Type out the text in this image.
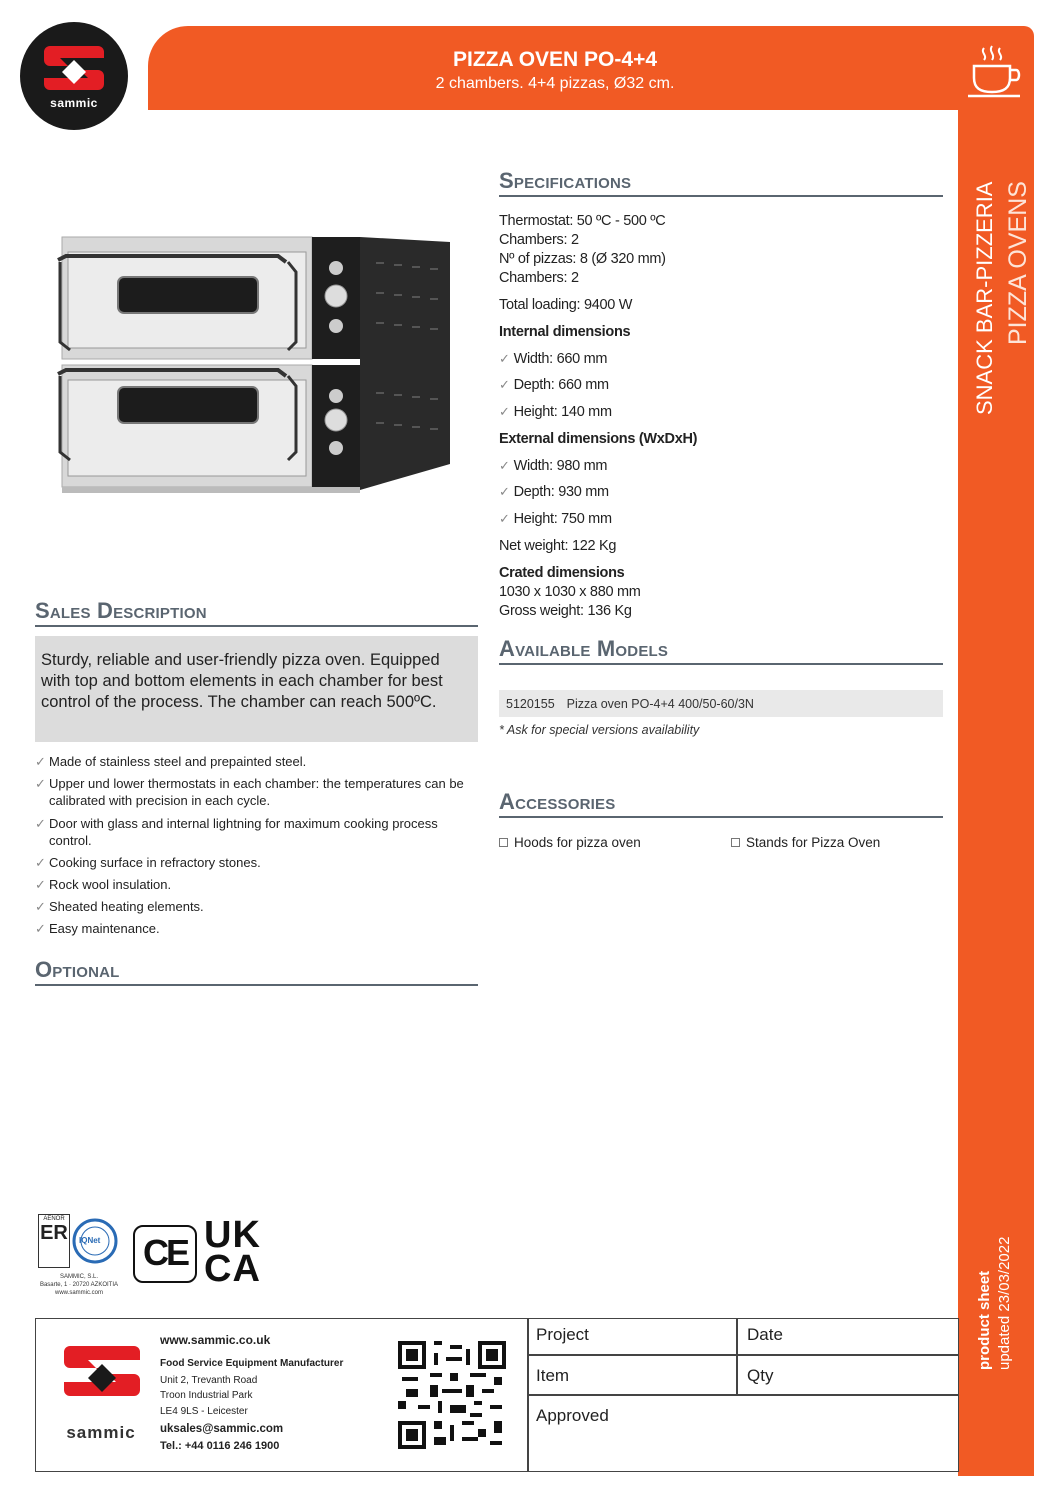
sammic
PIZZA OVEN PO-4+4
2 chambers. 4+4 pizzas, Ø32 cm.
SNACK BAR-PIZZERIA PIZZA OVENS
product sheet updated 23/03/2022
Specifications
Thermostat: 50 ºC - 500 ºC
Chambers: 2
Nº of pizzas: 8 (Ø 320 mm)
Chambers: 2
Total loading: 9400 W
Internal dimensions
✓ Width: 660 mm
✓ Depth: 660 mm
✓ Height: 140 mm
External dimensions (WxDxH)
✓ Width: 980 mm
✓ Depth: 930 mm
✓ Height: 750 mm
Net weight: 122 Kg
Crated dimensions
1030 x 1030 x 880 mm
Gross weight: 136 Kg
Available Models
5120155 Pizza oven PO-4+4 400/50-60/3N
* Ask for special versions availability
Accessories
Hoods for pizza oven	Stands for Pizza Oven
Sales Description
Sturdy, reliable and user-friendly pizza oven. Equipped with top and bottom elements in each chamber for best control of the process. The chamber can reach 500ºC.
✓ Made of stainless steel and prepainted steel.
✓ Upper und lower thermostats in each chamber: the temperatures can be calibrated with precision in each cycle.
✓ Door with glass and internal lightning for maximum cooking process control.
✓ Cooking surface in refractory stones.
✓ Rock wool insulation.
✓ Sheated heating elements.
✓ Easy maintenance.
Optional
AENOR
ER IQNet
SAMMIC, S.L.
Basarte, 1 · 20720 AZKOITIA
www.sammic.com
CE UK
CA
sammic
www.sammic.co.uk
Food Service Equipment Manufacturer
Unit 2, Trevanth Road
Troon Industrial Park
LE4 9LS - Leicester
uksales@sammic.com
Tel.: +44 0116 246 1900
Project	Date
Item	Qty
Approved
